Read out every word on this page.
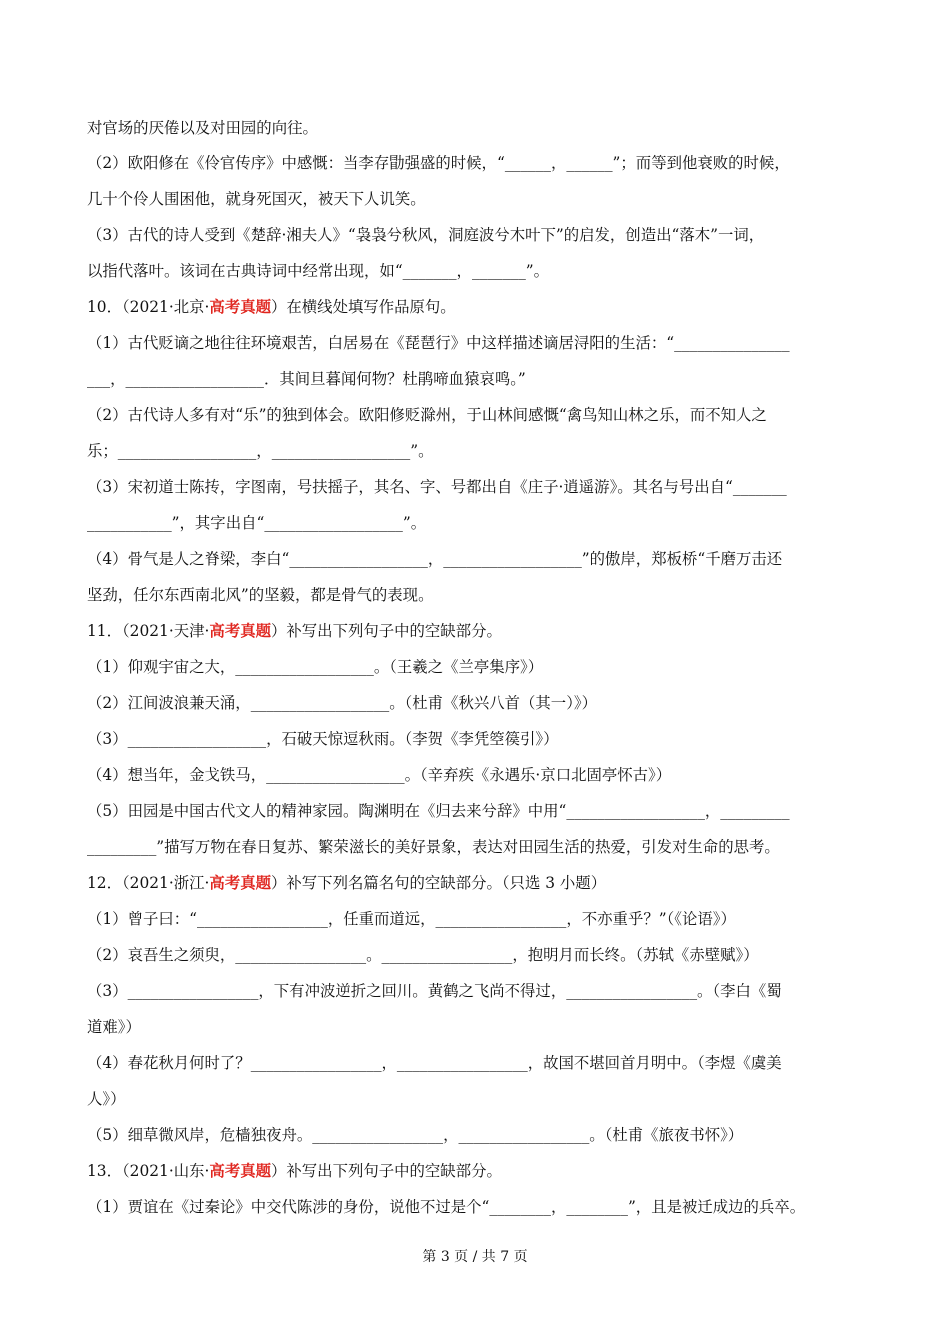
对官场的厌倦以及对田园的向往。
（2）欧阳修在《伶官传序》中感慨：当李存勖强盛的时候，“______，______”；而等到他衰败的时候，
几十个伶人围困他，就身死国灭，被天下人讥笑。
（3）古代的诗人受到《楚辞·湘夫人》“袅袅兮秋风，洞庭波兮木叶下”的启发，创造出“落木”一词，
以指代落叶。该词在古典诗词中经常出现，如“_______，_______”。
10．（2021·北京·高考真题）在横线处填写作品原句。
（1）古代贬谪之地往往环境艰苦，白居易在《琵琶行》中这样描述谪居浔阳的生活：“_______________
___，__________________．其间旦暮闻何物？杜鹃啼血猿哀鸣。”
（2）古代诗人多有对“乐”的独到体会。欧阳修贬滁州，于山林间感慨“禽鸟知山林之乐，而不知人之
乐；__________________，__________________”。
（3）宋初道士陈抟，字图南，号扶摇子，其名、字、号都出自《庄子·逍遥游》。其名与号出自“_______
___________”，其字出自“__________________”。
（4）骨气是人之脊梁，李白“__________________，__________________”的傲岸，郑板桥“千磨万击还
坚劲，任尔东西南北风”的坚毅，都是骨气的表现。
11．（2021·天津·高考真题）补写出下列句子中的空缺部分。
（1）仰观宇宙之大，__________________。（王羲之《兰亭集序》）
（2）江间波浪兼天涌，__________________。（杜甫《秋兴八首（其一）》）
（3）__________________，石破天惊逗秋雨。（李贺《李凭箜篌引》）
（4）想当年，金戈铁马，__________________。（辛弃疾《永遇乐·京口北固亭怀古》）
（5）田园是中国古代文人的精神家园。陶渊明在《归去来兮辞》中用“__________________，_________
_________”描写万物在春日复苏、繁荣滋长的美好景象，表达对田园生活的热爱，引发对生命的思考。
12．（2021·浙江·高考真题）补写下列名篇名句的空缺部分。（只选 3 小题）
（1）曾子曰：“_________________，任重而道远，_________________，不亦重乎？”（《论语》）
（2）哀吾生之须臾，_________________。_________________，抱明月而长终。（苏轼《赤壁赋》）
（3）_________________，下有冲波逆折之回川。黄鹤之飞尚不得过，_________________。（李白《蜀
道难》）
（4）春花秋月何时了？_________________，_________________，故国不堪回首月明中。（李煜《虞美
人》）
（5）细草微风岸，危樯独夜舟。_________________，_________________。（杜甫《旅夜书怀》）
13．（2021·山东·高考真题）补写出下列句子中的空缺部分。
（1）贾谊在《过秦论》中交代陈涉的身份，说他不过是个“________，________”，且是被迁成边的兵卒。
第 3 页 / 共 7 页
